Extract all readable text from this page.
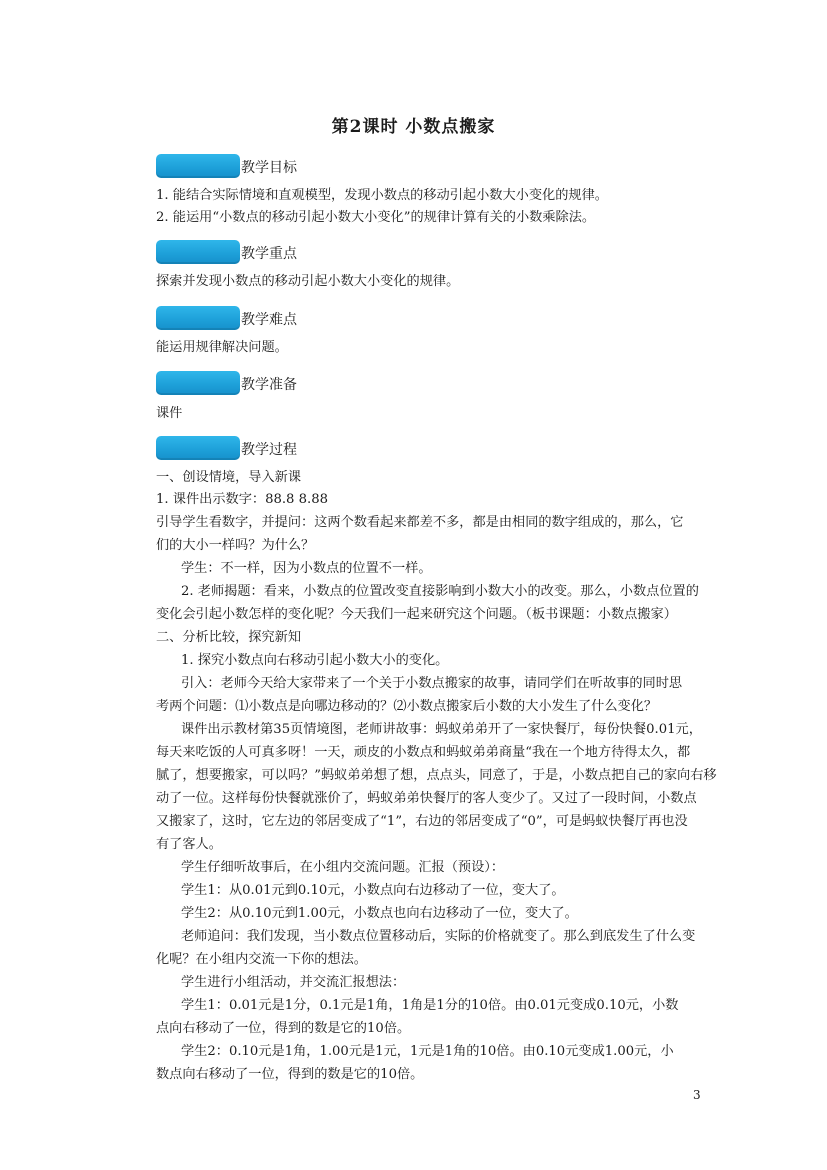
第2课时 小数点搬家
教学目标
1. 能结合实际情境和直观模型，发现小数点的移动引起小数大小变化的规律。
2. 能运用“小数点的移动引起小数大小变化”的规律计算有关的小数乘除法。
教学重点
探索并发现小数点的移动引起小数大小变化的规律。
教学难点
能运用规律解决问题。
教学准备
课件
教学过程
一、创设情境，导入新课
1. 课件出示数字：88.8 8.88
引导学生看数字，并提问：这两个数看起来都差不多，都是由相同的数字组成的，那么，它
们的大小一样吗？为什么？
学生：不一样，因为小数点的位置不一样。
2. 老师揭题：看来，小数点的位置改变直接影响到小数大小的改变。那么，小数点位置的
变化会引起小数怎样的变化呢？今天我们一起来研究这个问题。（板书课题：小数点搬家）
二、分析比较，探究新知
1. 探究小数点向右移动引起小数大小的变化。
引入：老师今天给大家带来了一个关于小数点搬家的故事，请同学们在听故事的同时思
考两个问题：⑴小数点是向哪边移动的？⑵小数点搬家后小数的大小发生了什么变化？
课件出示教材第35页情境图，老师讲故事：蚂蚁弟弟开了一家快餐厅，每份快餐0.01元，
每天来吃饭的人可真多呀！一天，顽皮的小数点和蚂蚁弟弟商量“我在一个地方待得太久，都
腻了，想要搬家，可以吗？”蚂蚁弟弟想了想，点点头，同意了，于是，小数点把自己的家向右移
动了一位。这样每份快餐就涨价了，蚂蚁弟弟快餐厅的客人变少了。又过了一段时间，小数点
又搬家了，这时，它左边的邻居变成了“1”，右边的邻居变成了“0”，可是蚂蚁快餐厅再也没
有了客人。
学生仔细听故事后，在小组内交流问题。汇报（预设）：
学生1：从0.01元到0.10元，小数点向右边移动了一位，变大了。
学生2：从0.10元到1.00元，小数点也向右边移动了一位，变大了。
老师追问：我们发现，当小数点位置移动后，实际的价格就变了。那么到底发生了什么变
化呢？在小组内交流一下你的想法。
学生进行小组活动，并交流汇报想法：
学生1：0.01元是1分，0.1元是1角，1角是1分的10倍。由0.01元变成0.10元，小数
点向右移动了一位，得到的数是它的10倍。
学生2：0.10元是1角，1.00元是1元，1元是1角的10倍。由0.10元变成1.00元，小
数点向右移动了一位，得到的数是它的10倍。
3
